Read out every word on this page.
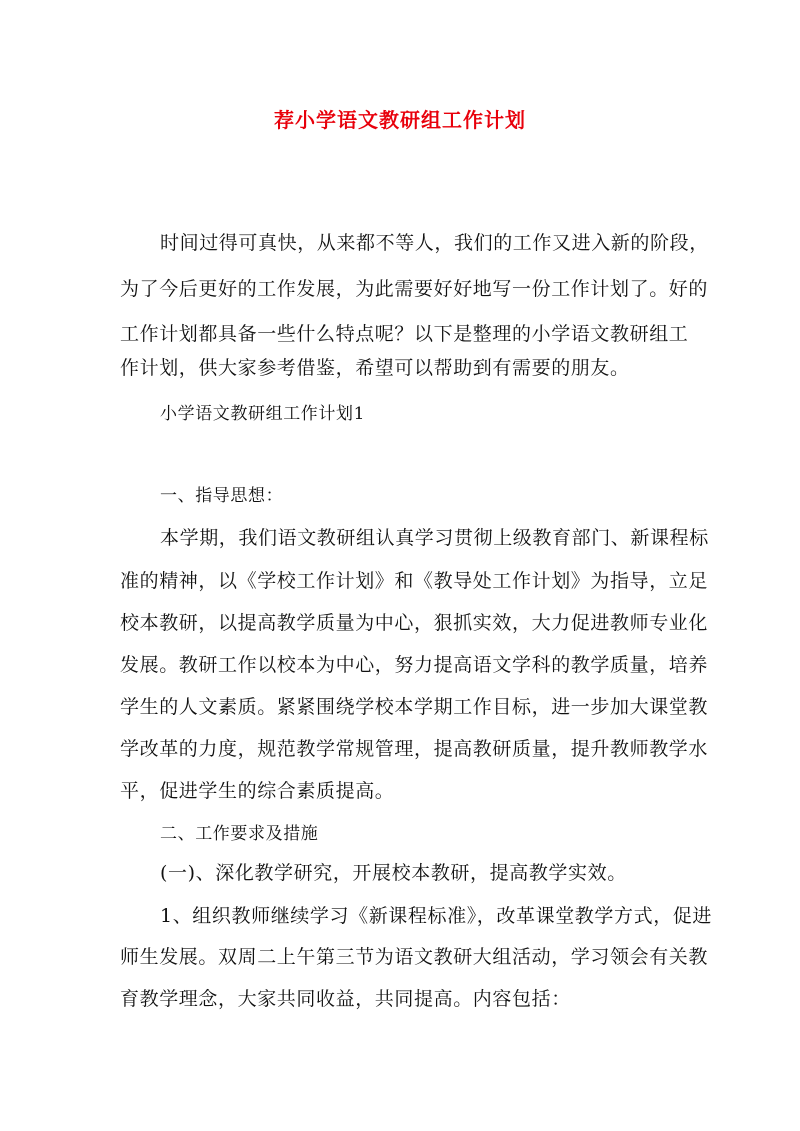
荐小学语文教研组工作计划
时间过得可真快，从来都不等人，我们的工作又进入新的阶段，
为了今后更好的工作发展，为此需要好好地写一份工作计划了。好的
工作计划都具备一些什么特点呢？以下是整理的小学语文教研组工
作计划，供大家参考借鉴，希望可以帮助到有需要的朋友。
小学语文教研组工作计划1
一、指导思想：
本学期，我们语文教研组认真学习贯彻上级教育部门、新课程标
准的精神，以《学校工作计划》和《教导处工作计划》为指导，立足
校本教研，以提高教学质量为中心，狠抓实效，大力促进教师专业化
发展。教研工作以校本为中心，努力提高语文学科的教学质量，培养
学生的人文素质。紧紧围绕学校本学期工作目标，进一步加大课堂教
学改革的力度，规范教学常规管理，提高教研质量，提升教师教学水
平，促进学生的综合素质提高。
二、工作要求及措施
(一)、深化教学研究，开展校本教研，提高教学实效。
1、组织教师继续学习《新课程标准》，改革课堂教学方式，促进
师生发展。双周二上午第三节为语文教研大组活动，学习领会有关教
育教学理念，大家共同收益，共同提高。内容包括：
